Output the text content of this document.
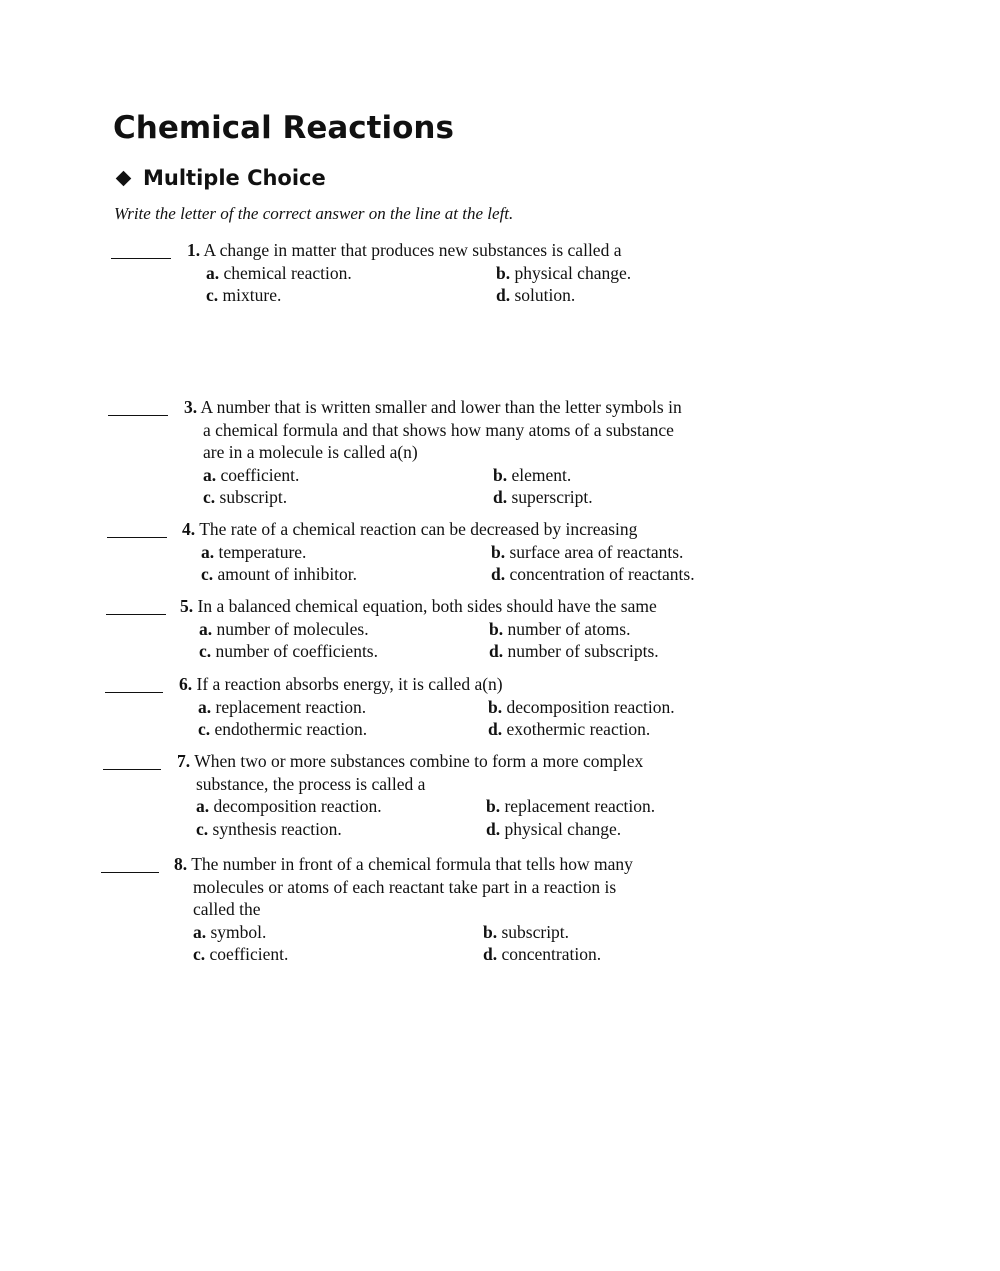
Chemical Reactions
Multiple Choice
Write the letter of the correct answer on the line at the left.
1. A change in matter that produces new substances is called a
a. chemical reaction.	b. physical change.
c. mixture.	d. solution.
3. A number that is written smaller and lower than the letter symbols in
a chemical formula and that shows how many atoms of a substance
are in a molecule is called a(n)
a. coefficient.	b. element.
c. subscript.	d. superscript.
4. The rate of a chemical reaction can be decreased by increasing
a. temperature.	b. surface area of reactants.
c. amount of inhibitor.	d. concentration of reactants.
5. In a balanced chemical equation, both sides should have the same
a. number of molecules.	b. number of atoms.
c. number of coefficients.	d. number of subscripts.
6. If a reaction absorbs energy, it is called a(n)
a. replacement reaction.	b. decomposition reaction.
c. endothermic reaction.	d. exothermic reaction.
7. When two or more substances combine to form a more complex
substance, the process is called a
a. decomposition reaction.	b. replacement reaction.
c. synthesis reaction.	d. physical change.
8. The number in front of a chemical formula that tells how many
molecules or atoms of each reactant take part in a reaction is
called the
a. symbol.	b. subscript.
c. coefficient.	d. concentration.
